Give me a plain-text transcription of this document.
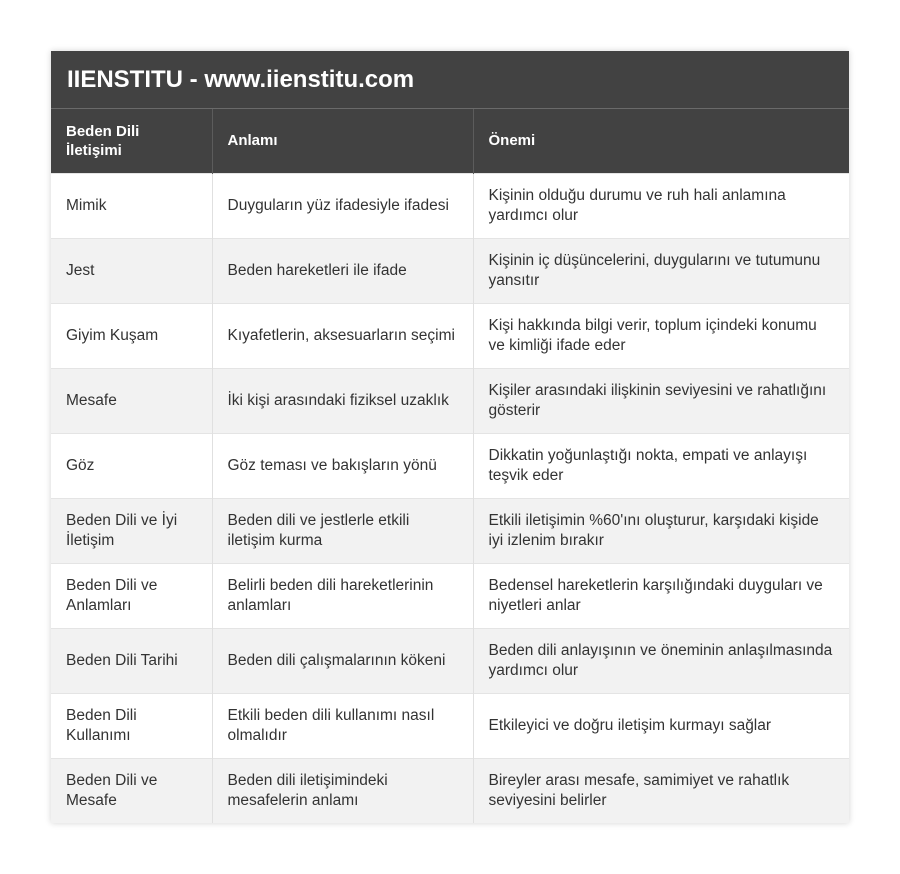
IIENSTITU - www.iienstitu.com
Beden Dili İletişimi	Anlamı	Önemi
Mimik	Duyguların yüz ifadesiyle ifadesi	Kişinin olduğu durumu ve ruh hali anlamına yardımcı olur
Jest	Beden hareketleri ile ifade	Kişinin iç düşüncelerini, duygularını ve tutumunu yansıtır
Giyim Kuşam	Kıyafetlerin, aksesuarların seçimi	Kişi hakkında bilgi verir, toplum içindeki konumu ve kimliği ifade eder
Mesafe	İki kişi arasındaki fiziksel uzaklık	Kişiler arasındaki ilişkinin seviyesini ve rahatlığını gösterir
Göz	Göz teması ve bakışların yönü	Dikkatin yoğunlaştığı nokta, empati ve anlayışı teşvik eder
Beden Dili ve İyi İletişim	Beden dili ve jestlerle etkili iletişim kurma	Etkili iletişimin %60'ını oluşturur, karşıdaki kişide iyi izlenim bırakır
Beden Dili ve Anlamları	Belirli beden dili hareketlerinin anlamları	Bedensel hareketlerin karşılığındaki duyguları ve niyetleri anlar
Beden Dili Tarihi	Beden dili çalışmalarının kökeni	Beden dili anlayışının ve öneminin anlaşılmasında yardımcı olur
Beden Dili Kullanımı	Etkili beden dili kullanımı nasıl olmalıdır	Etkileyici ve doğru iletişim kurmayı sağlar
Beden Dili ve Mesafe	Beden dili iletişimindeki mesafelerin anlamı	Bireyler arası mesafe, samimiyet ve rahatlık seviyesini belirler
